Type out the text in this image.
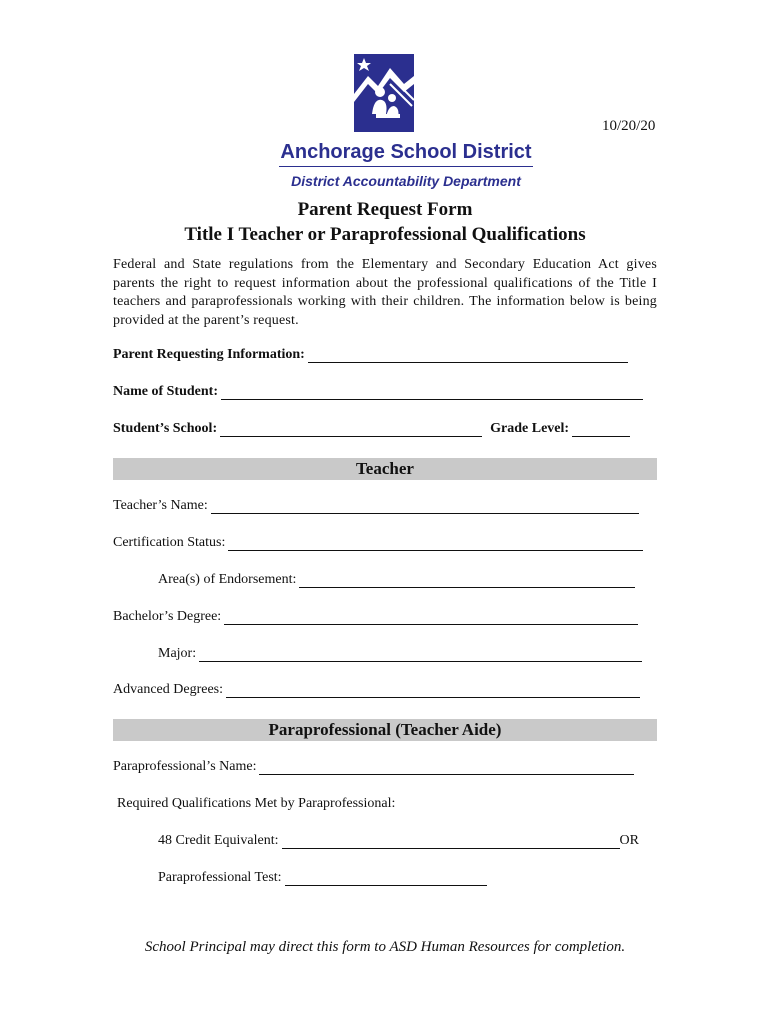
10/20/20
Anchorage School District
District Accountability Department
Parent Request Form
Title I Teacher or Paraprofessional Qualifications
Federal and State regulations from the Elementary and Secondary Education Act gives parents the right to request information about the professional qualifications of the Title I teachers and paraprofessionals working with their children. The information below is being provided at the parent’s request.
Parent Requesting Information:
Name of Student:
Student’s School:	Grade Level:
Teacher
Teacher’s Name:
Certification Status:
Area(s) of Endorsement:
Bachelor’s Degree:
Major:
Advanced Degrees:
Paraprofessional (Teacher Aide)
Paraprofessional’s Name:
Required Qualifications Met by Paraprofessional:
48 Credit Equivalent:	OR
Paraprofessional Test:
School Principal may direct this form to ASD Human Resources for completion.
